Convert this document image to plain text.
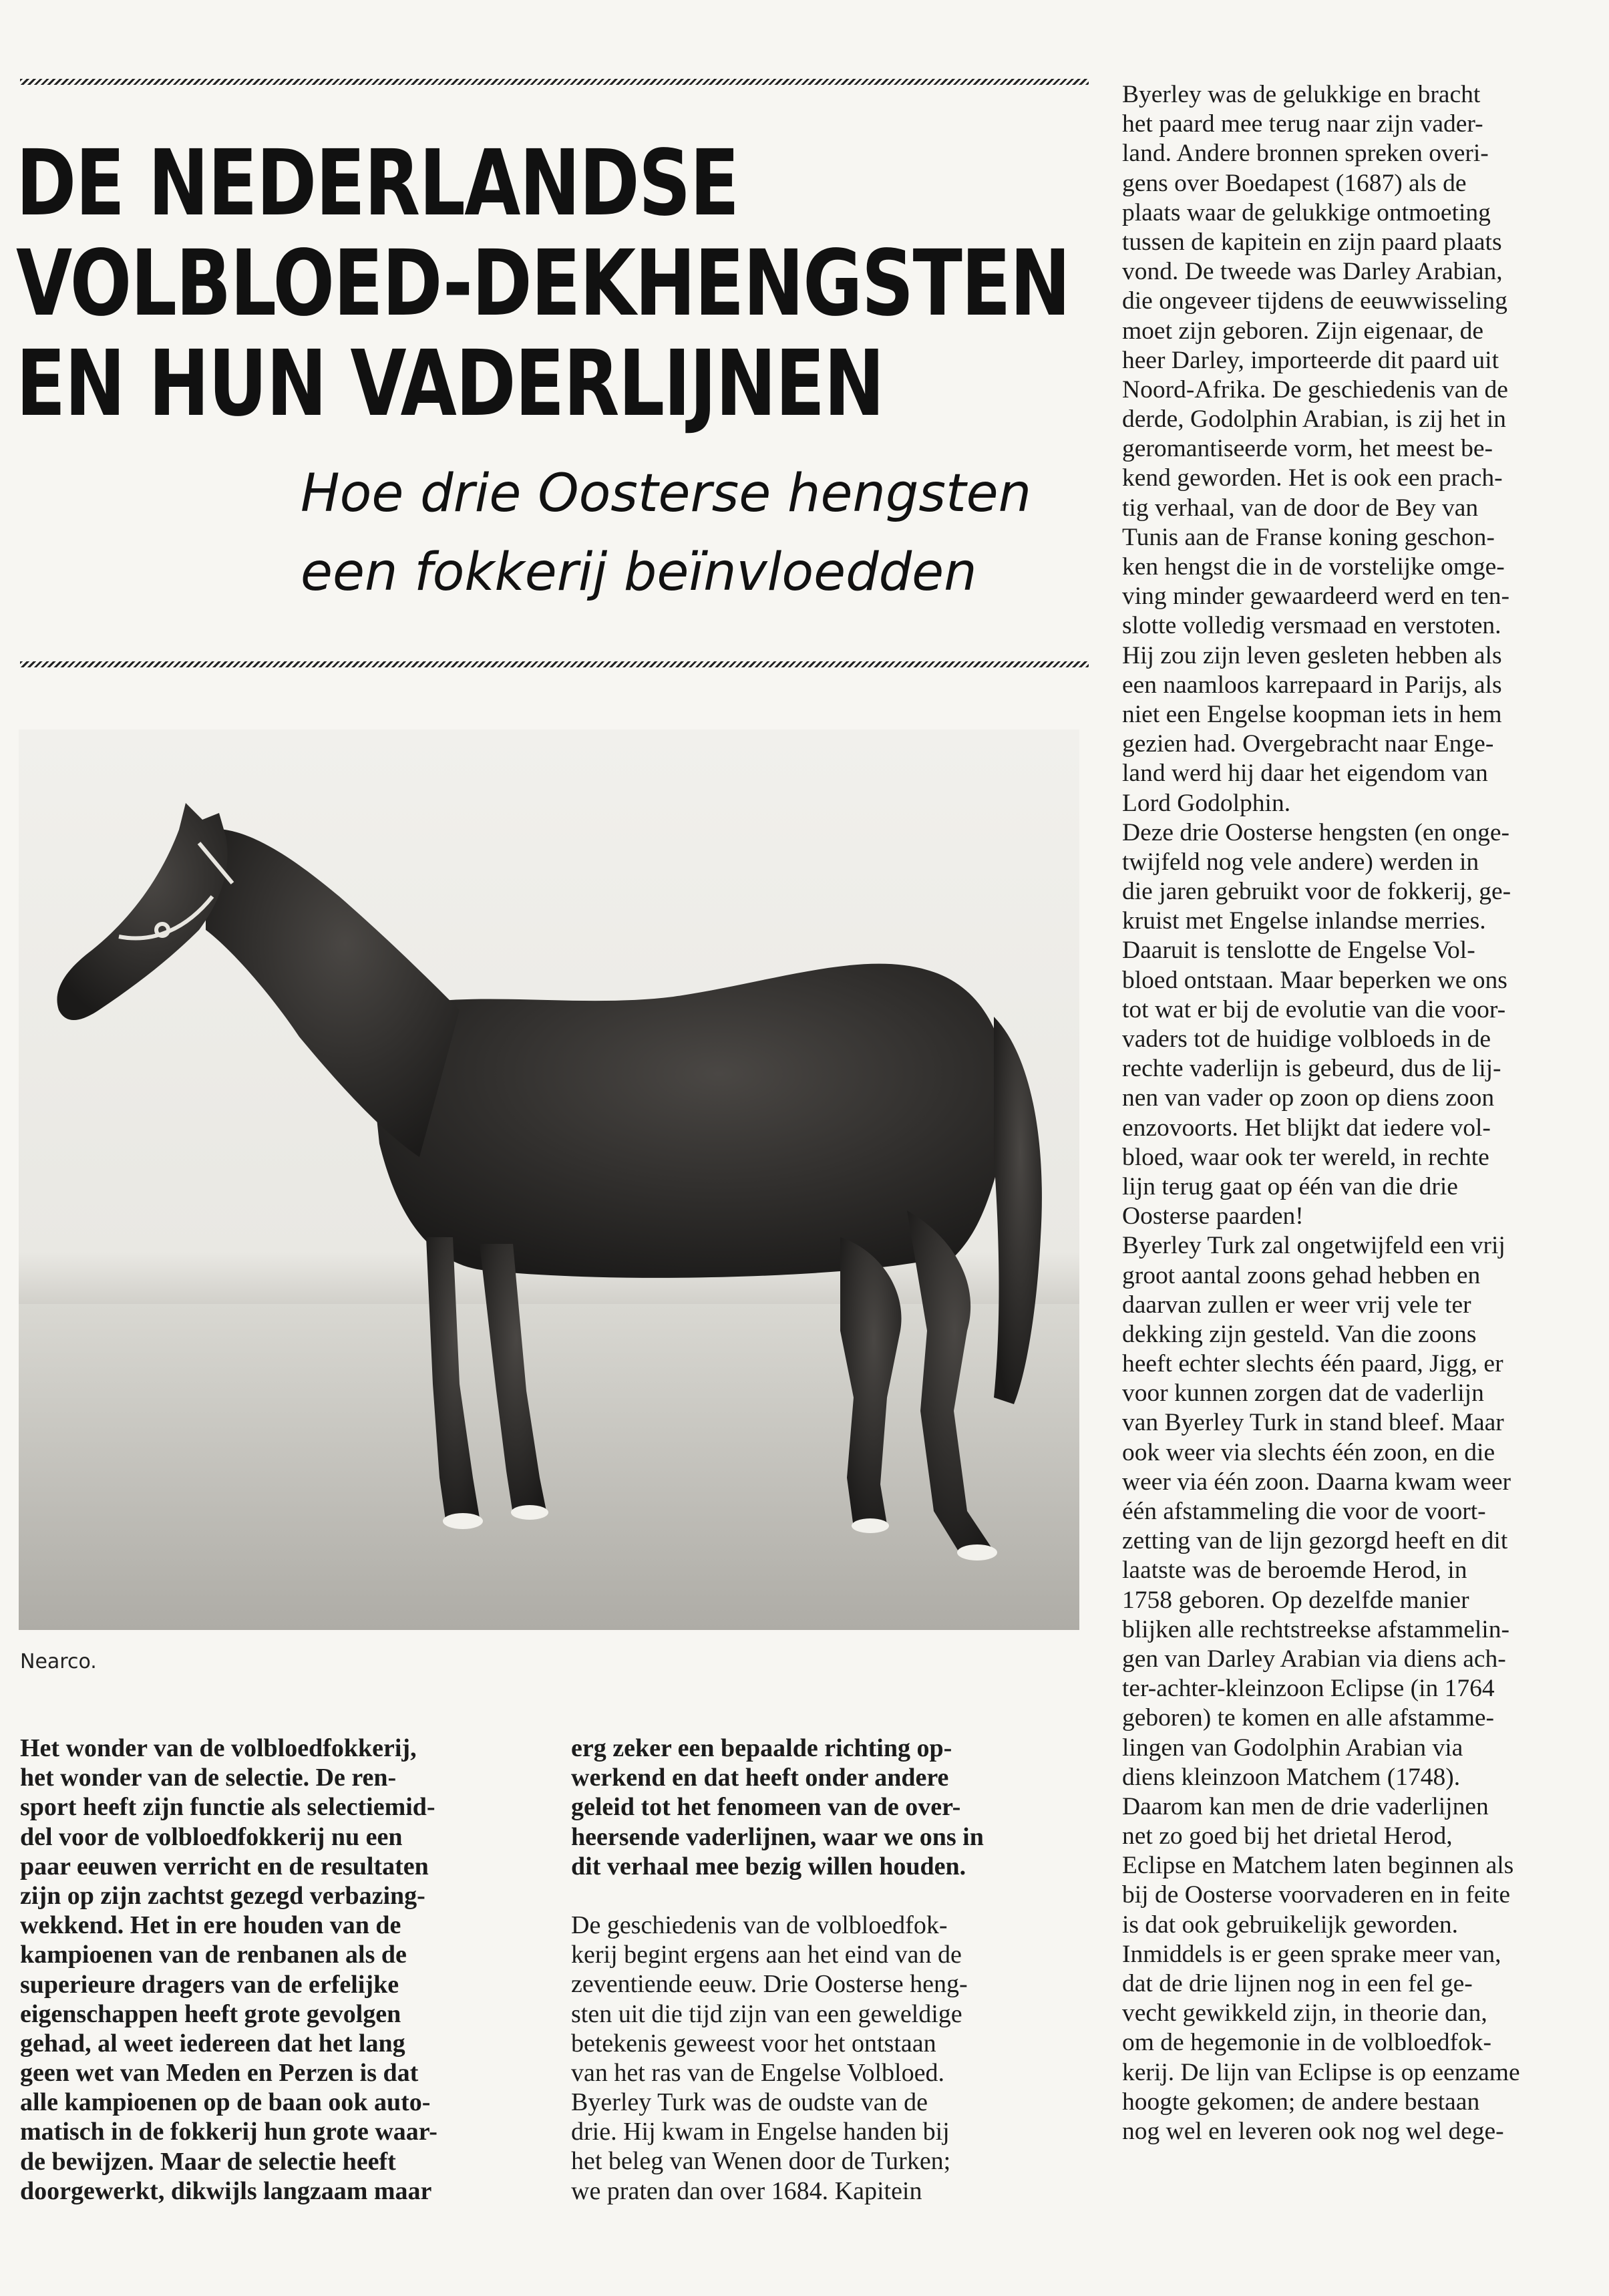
DE NEDERLANDSE
VOLBLOED-DEKHENGSTEN
EN HUN VADERLIJNEN
Hoe drie Oosterse hengsten
een fokkerij beïnvloedden
Nearco.
Het wonder van de volbloedfokkerij,
het wonder van de selectie. De ren-
sport heeft zijn functie als selectiemid-
del voor de volbloedfokkerij nu een
paar eeuwen verricht en de resultaten
zijn op zijn zachtst gezegd verbazing-
wekkend. Het in ere houden van de
kampioenen van de renbanen als de
superieure dragers van de erfelijke
eigenschappen heeft grote gevolgen
gehad, al weet iedereen dat het lang
geen wet van Meden en Perzen is dat
alle kampioenen op de baan ook auto-
matisch in de fokkerij hun grote waar-
de bewijzen. Maar de selectie heeft
doorgewerkt, dikwijls langzaam maar
erg zeker een bepaalde richting op-
werkend en dat heeft onder andere
geleid tot het fenomeen van de over-
heersende vaderlijnen, waar we ons in
dit verhaal mee bezig willen houden.
De geschiedenis van de volbloedfok-
kerij begint ergens aan het eind van de
zeventiende eeuw. Drie Oosterse heng-
sten uit die tijd zijn van een geweldige
betekenis geweest voor het ontstaan
van het ras van de Engelse Volbloed.
Byerley Turk was de oudste van de
drie. Hij kwam in Engelse handen bij
het beleg van Wenen door de Turken;
we praten dan over 1684. Kapitein
Byerley was de gelukkige en bracht
het paard mee terug naar zijn vader-
land. Andere bronnen spreken overi-
gens over Boedapest (1687) als de
plaats waar de gelukkige ontmoeting
tussen de kapitein en zijn paard plaats
vond. De tweede was Darley Arabian,
die ongeveer tijdens de eeuwwisseling
moet zijn geboren. Zijn eigenaar, de
heer Darley, importeerde dit paard uit
Noord-Afrika. De geschiedenis van de
derde, Godolphin Arabian, is zij het in
geromantiseerde vorm, het meest be-
kend geworden. Het is ook een prach-
tig verhaal, van de door de Bey van
Tunis aan de Franse koning geschon-
ken hengst die in de vorstelijke omge-
ving minder gewaardeerd werd en ten-
slotte volledig versmaad en verstoten.
Hij zou zijn leven gesleten hebben als
een naamloos karrepaard in Parijs, als
niet een Engelse koopman iets in hem
gezien had. Overgebracht naar Enge-
land werd hij daar het eigendom van
Lord Godolphin.
Deze drie Oosterse hengsten (en onge-
twijfeld nog vele andere) werden in
die jaren gebruikt voor de fokkerij, ge-
kruist met Engelse inlandse merries.
Daaruit is tenslotte de Engelse Vol-
bloed ontstaan. Maar beperken we ons
tot wat er bij de evolutie van die voor-
vaders tot de huidige volbloeds in de
rechte vaderlijn is gebeurd, dus de lij-
nen van vader op zoon op diens zoon
enzovoorts. Het blijkt dat iedere vol-
bloed, waar ook ter wereld, in rechte
lijn terug gaat op één van die drie
Oosterse paarden!
Byerley Turk zal ongetwijfeld een vrij
groot aantal zoons gehad hebben en
daarvan zullen er weer vrij vele ter
dekking zijn gesteld. Van die zoons
heeft echter slechts één paard, Jigg, er
voor kunnen zorgen dat de vaderlijn
van Byerley Turk in stand bleef. Maar
ook weer via slechts één zoon, en die
weer via één zoon. Daarna kwam weer
één afstammeling die voor de voort-
zetting van de lijn gezorgd heeft en dit
laatste was de beroemde Herod, in
1758 geboren. Op dezelfde manier
blijken alle rechtstreekse afstammelin-
gen van Darley Arabian via diens ach-
ter-achter-kleinzoon Eclipse (in 1764
geboren) te komen en alle afstamme-
lingen van Godolphin Arabian via
diens kleinzoon Matchem (1748).
Daarom kan men de drie vaderlijnen
net zo goed bij het drietal Herod,
Eclipse en Matchem laten beginnen als
bij de Oosterse voorvaderen en in feite
is dat ook gebruikelijk geworden.
Inmiddels is er geen sprake meer van,
dat de drie lijnen nog in een fel ge-
vecht gewikkeld zijn, in theorie dan,
om de hegemonie in de volbloedfok-
kerij. De lijn van Eclipse is op eenzame
hoogte gekomen; de andere bestaan
nog wel en leveren ook nog wel dege-
